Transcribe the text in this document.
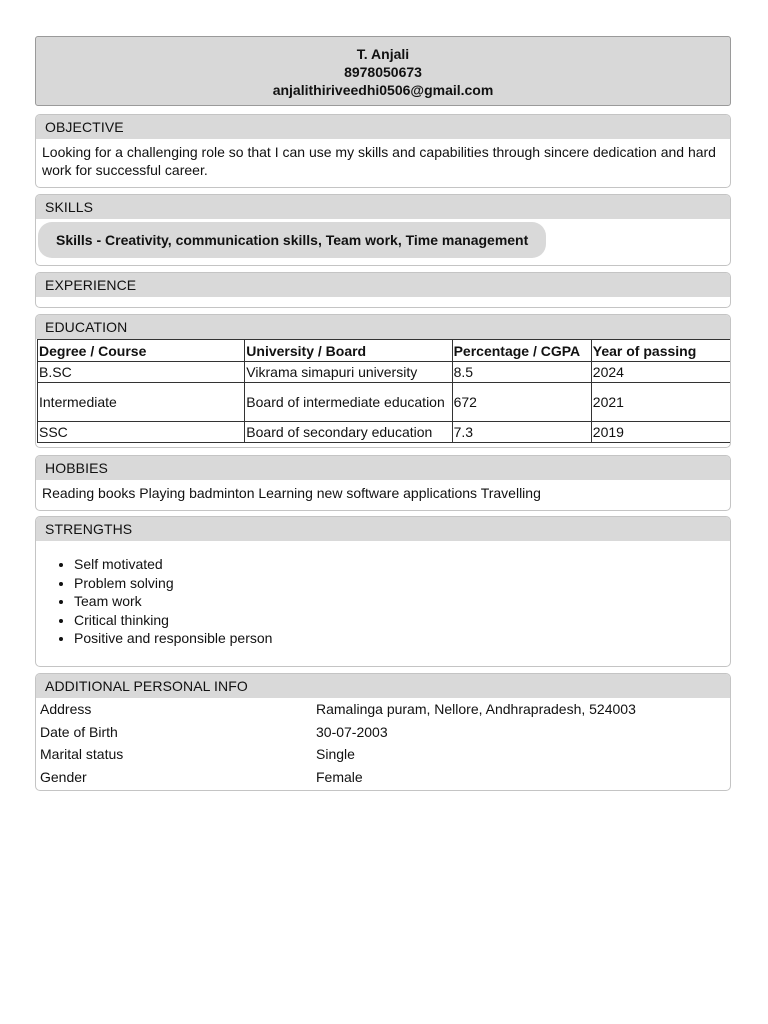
T. Anjali
8978050673
anjalithiriveedhi0506@gmail.com
OBJECTIVE
Looking for a challenging role so that I can use my skills and capabilities through sincere dedication and hard work for successful career.
SKILLS
Skills - Creativity, communication skills, Team work, Time management
EXPERIENCE
EDUCATION
Degree / Course	University / Board	Percentage / CGPA	Year of passing
B.SC	Vikrama simapuri university	8.5	2024
Intermediate	Board of intermediate education	672	2021
SSC	Board of secondary education	7.3	2019
HOBBIES
Reading books Playing badminton Learning new software applications Travelling
STRENGTHS
• Self motivated
• Problem solving
• Team work
• Critical thinking
• Positive and responsible person
ADDITIONAL PERSONAL INFO
Address	Ramalinga puram, Nellore, Andhrapradesh, 524003
Date of Birth	30-07-2003
Marital status	Single
Gender	Female
